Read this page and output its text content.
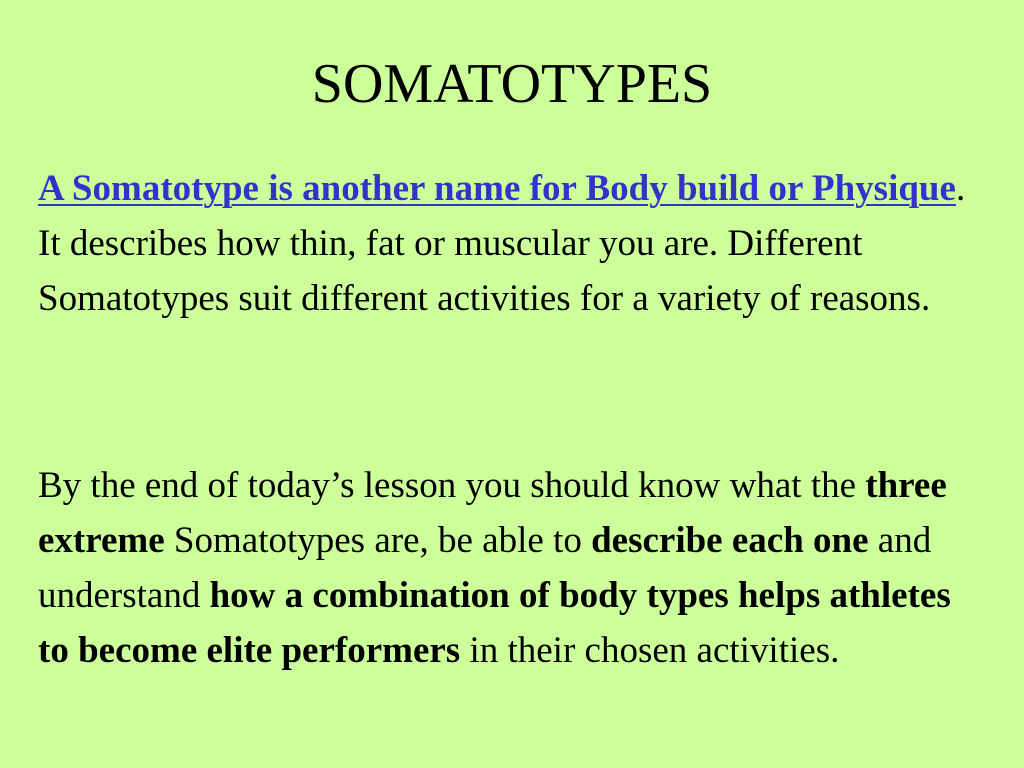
SOMATOTYPES

A Somatotype is another name for Body build or Physique. It describes how thin, fat or muscular you are. Different Somatotypes suit different activities for a variety of reasons.

By the end of today’s lesson you should know what the three extreme Somatotypes are, be able to describe each one and understand how a combination of body types helps athletes to become elite performers in their chosen activities.
